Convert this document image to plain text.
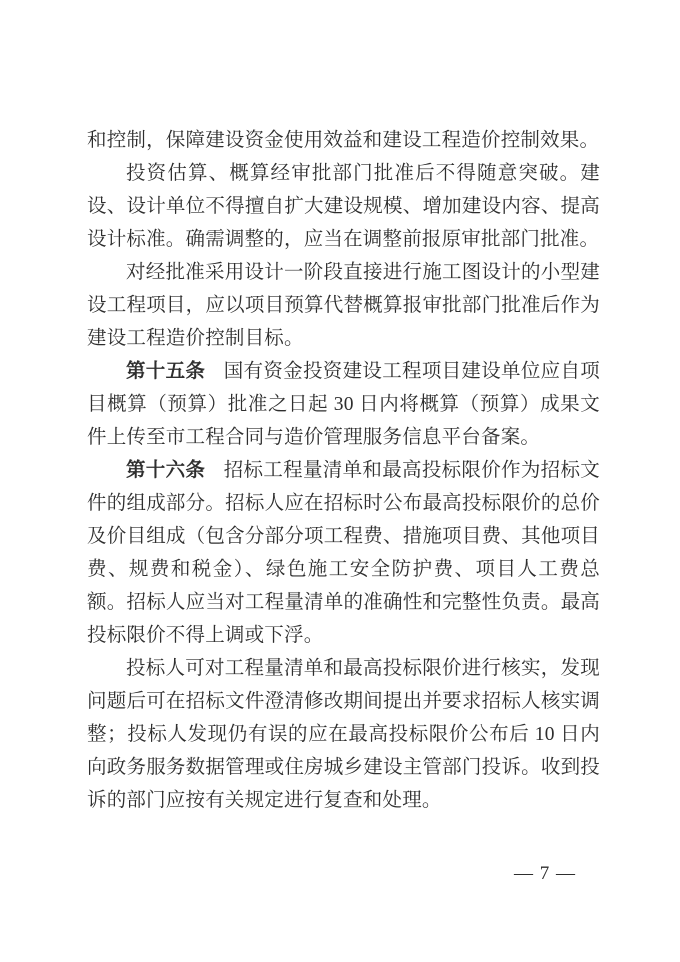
和控制，保障建设资金使用效益和建设工程造价控制效果。

投资估算、概算经审批部门批准后不得随意突破。建设、设计单位不得擅自扩大建设规模、增加建设内容、提高设计标准。确需调整的，应当在调整前报原审批部门批准。

对经批准采用设计一阶段直接进行施工图设计的小型建设工程项目，应以项目预算代替概算报审批部门批准后作为建设工程造价控制目标。

第十五条 国有资金投资建设工程项目建设单位应自项目概算（预算）批准之日起 30 日内将概算（预算）成果文件上传至市工程合同与造价管理服务信息平台备案。

第十六条 招标工程量清单和最高投标限价作为招标文件的组成部分。招标人应在招标时公布最高投标限价的总价及价目组成（包含分部分项工程费、措施项目费、其他项目费、规费和税金）、绿色施工安全防护费、项目人工费总额。招标人应当对工程量清单的准确性和完整性负责。最高投标限价不得上调或下浮。

投标人可对工程量清单和最高投标限价进行核实，发现问题后可在招标文件澄清修改期间提出并要求招标人核实调整；投标人发现仍有误的应在最高投标限价公布后 10 日内向政务服务数据管理或住房城乡建设主管部门投诉。收到投诉的部门应按有关规定进行复查和处理。

— 7 —
